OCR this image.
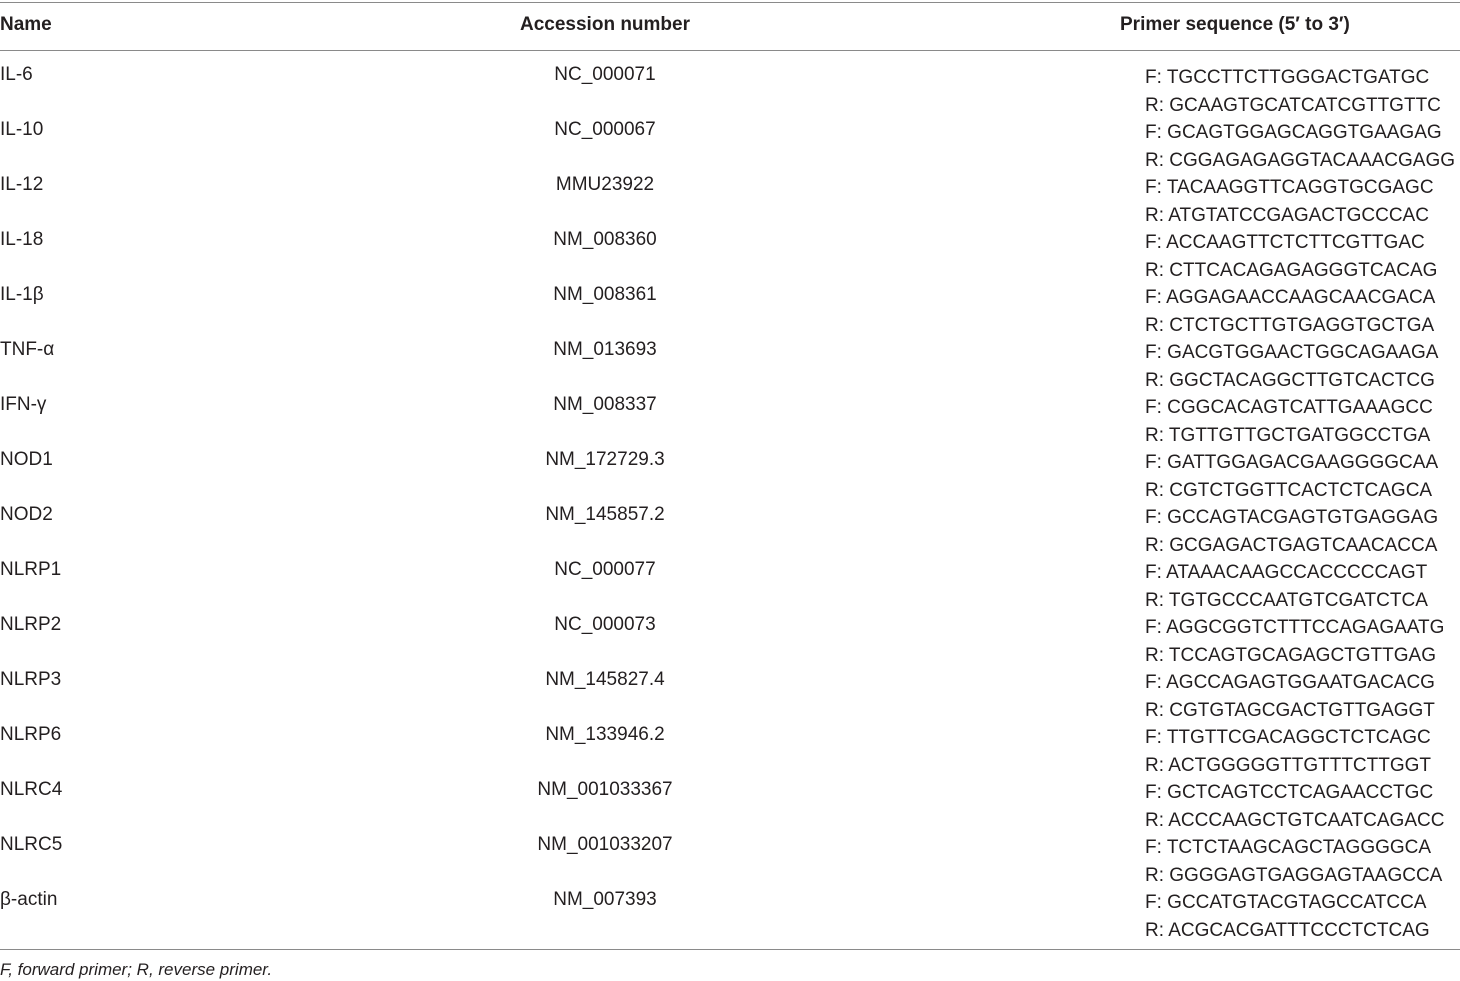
Name	Accession number	Primer sequence (5′ to 3′)
IL-6	NC_000071	F: TGCCTTCTTGGGACTGATGC
R: GCAAGTGCATCATCGTTGTTC
IL-10	NC_000067	F: GCAGTGGAGCAGGTGAAGAG
R: CGGAGAGAGGTACAAACGAGG
IL-12	MMU23922	F: TACAAGGTTCAGGTGCGAGC
R: ATGTATCCGAGACTGCCCAC
IL-18	NM_008360	F: ACCAAGTTCTCTTCGTTGAC
R: CTTCACAGAGAGGGTCACAG
IL-1β	NM_008361	F: AGGAGAACCAAGCAACGACA
R: CTCTGCTTGTGAGGTGCTGA
TNF-α	NM_013693	F: GACGTGGAACTGGCAGAAGA
R: GGCTACAGGCTTGTCACTCG
IFN-γ	NM_008337	F: CGGCACAGTCATTGAAAGCC
R: TGTTGTTGCTGATGGCCTGA
NOD1	NM_172729.3	F: GATTGGAGACGAAGGGGCAA
R: CGTCTGGTTCACTCTCAGCA
NOD2	NM_145857.2	F: GCCAGTACGAGTGTGAGGAG
R: GCGAGACTGAGTCAACACCA
NLRP1	NC_000077	F: ATAAACAAGCCACCCCCAGT
R: TGTGCCCAATGTCGATCTCA
NLRP2	NC_000073	F: AGGCGGTCTTTCCAGAGAATG
R: TCCAGTGCAGAGCTGTTGAG
NLRP3	NM_145827.4	F: AGCCAGAGTGGAATGACACG
R: CGTGTAGCGACTGTTGAGGT
NLRP6	NM_133946.2	F: TTGTTCGACAGGCTCTCAGC
R: ACTGGGGGTTGTTTCTTGGT
NLRC4	NM_001033367	F: GCTCAGTCCTCAGAACCTGC
R: ACCCAAGCTGTCAATCAGACC
NLRC5	NM_001033207	F: TCTCTAAGCAGCTAGGGGCA
R: GGGGAGTGAGGAGTAAGCCA
β-actin	NM_007393	F: GCCATGTACGTAGCCATCCA
R: ACGCACGATTTCCCTCTCAG
F, forward primer; R, reverse primer.
